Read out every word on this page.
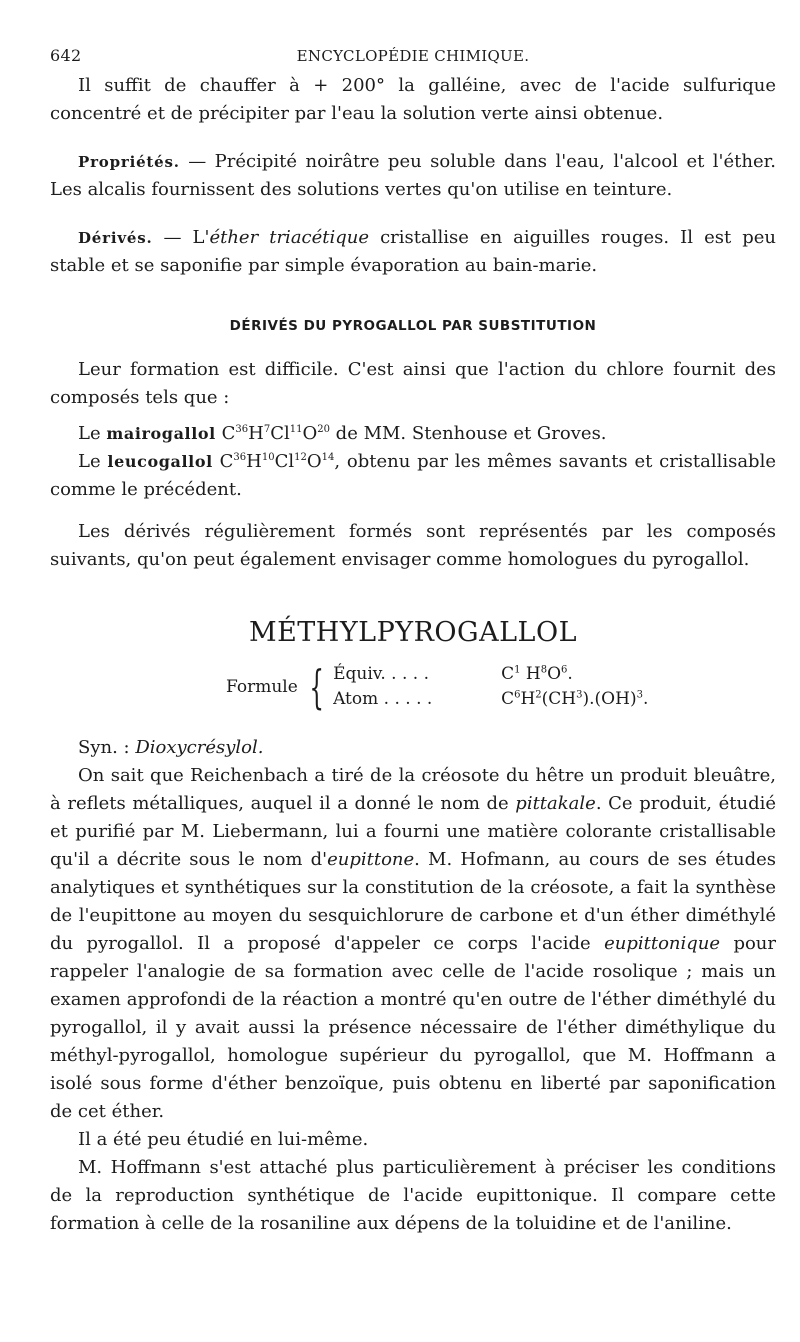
642	ENCYCLOPÉDIE CHIMIQUE.

Il suffit de chauffer à + 200° la galléine, avec de l'acide sulfurique concentré et de précipiter par l'eau la solution verte ainsi obtenue.

Propriétés. — Précipité noirâtre peu soluble dans l'eau, l'alcool et l'éther. Les alcalis fournissent des solutions vertes qu'on utilise en teinture.

Dérivés. — L'éther triacétique cristallise en aiguilles rouges. Il est peu stable et se saponifie par simple évaporation au bain-marie.

DÉRIVÉS DU PYROGALLOL PAR SUBSTITUTION

Leur formation est difficile. C'est ainsi que l'action du chlore fournit des composés tels que :

Le mairogallol $C^{36}H^7Cl^{11}O^{20}$ de MM. Stenhouse et Groves.

Le leucogallol $C^{36}H^{10}Cl^{12}O^{14}$, obtenu par les mêmes savants et cristallisable comme le précédent.

Les dérivés régulièrement formés sont représentés par les composés suivants, qu'on peut également envisager comme homologues du pyrogallol.

MÉTHYLPYROGALLOL
Formule { Équiv. . . . .	$C^1$ $H^8O^6$.
Atom . . . . .	$C^6H^2(CH^3).(OH)^3$.

Syn. : Dioxycrésylol.

On sait que Reichenbach a tiré de la créosote du hêtre un produit bleuâtre, à reflets métalliques, auquel il a donné le nom de pittakale. Ce produit, étudié et purifié par M. Liebermann, lui a fourni une matière colorante cristallisable qu'il a décrite sous le nom d'eupittone. M. Hofmann, au cours de ses études analytiques et synthétiques sur la constitution de la créosote, a fait la synthèse de l'eupittone au moyen du sesquichlorure de carbone et d'un éther diméthylé du pyrogallol. Il a proposé d'appeler ce corps l'acide eupittonique pour rappeler l'analogie de sa formation avec celle de l'acide rosolique ; mais un examen approfondi de la réaction a montré qu'en outre de l'éther diméthylé du pyrogallol, il y avait aussi la présence nécessaire de l'éther diméthylique du méthyl-pyrogallol, homologue supérieur du pyrogallol, que M. Hoffmann a isolé sous forme d'éther benzoïque, puis obtenu en liberté par saponification de cet éther.

Il a été peu étudié en lui-même.

M. Hoffmann s'est attaché plus particulièrement à préciser les conditions de la reproduction synthétique de l'acide eupittonique. Il compare cette formation à celle de la rosaniline aux dépens de la toluidine et de l'aniline.
